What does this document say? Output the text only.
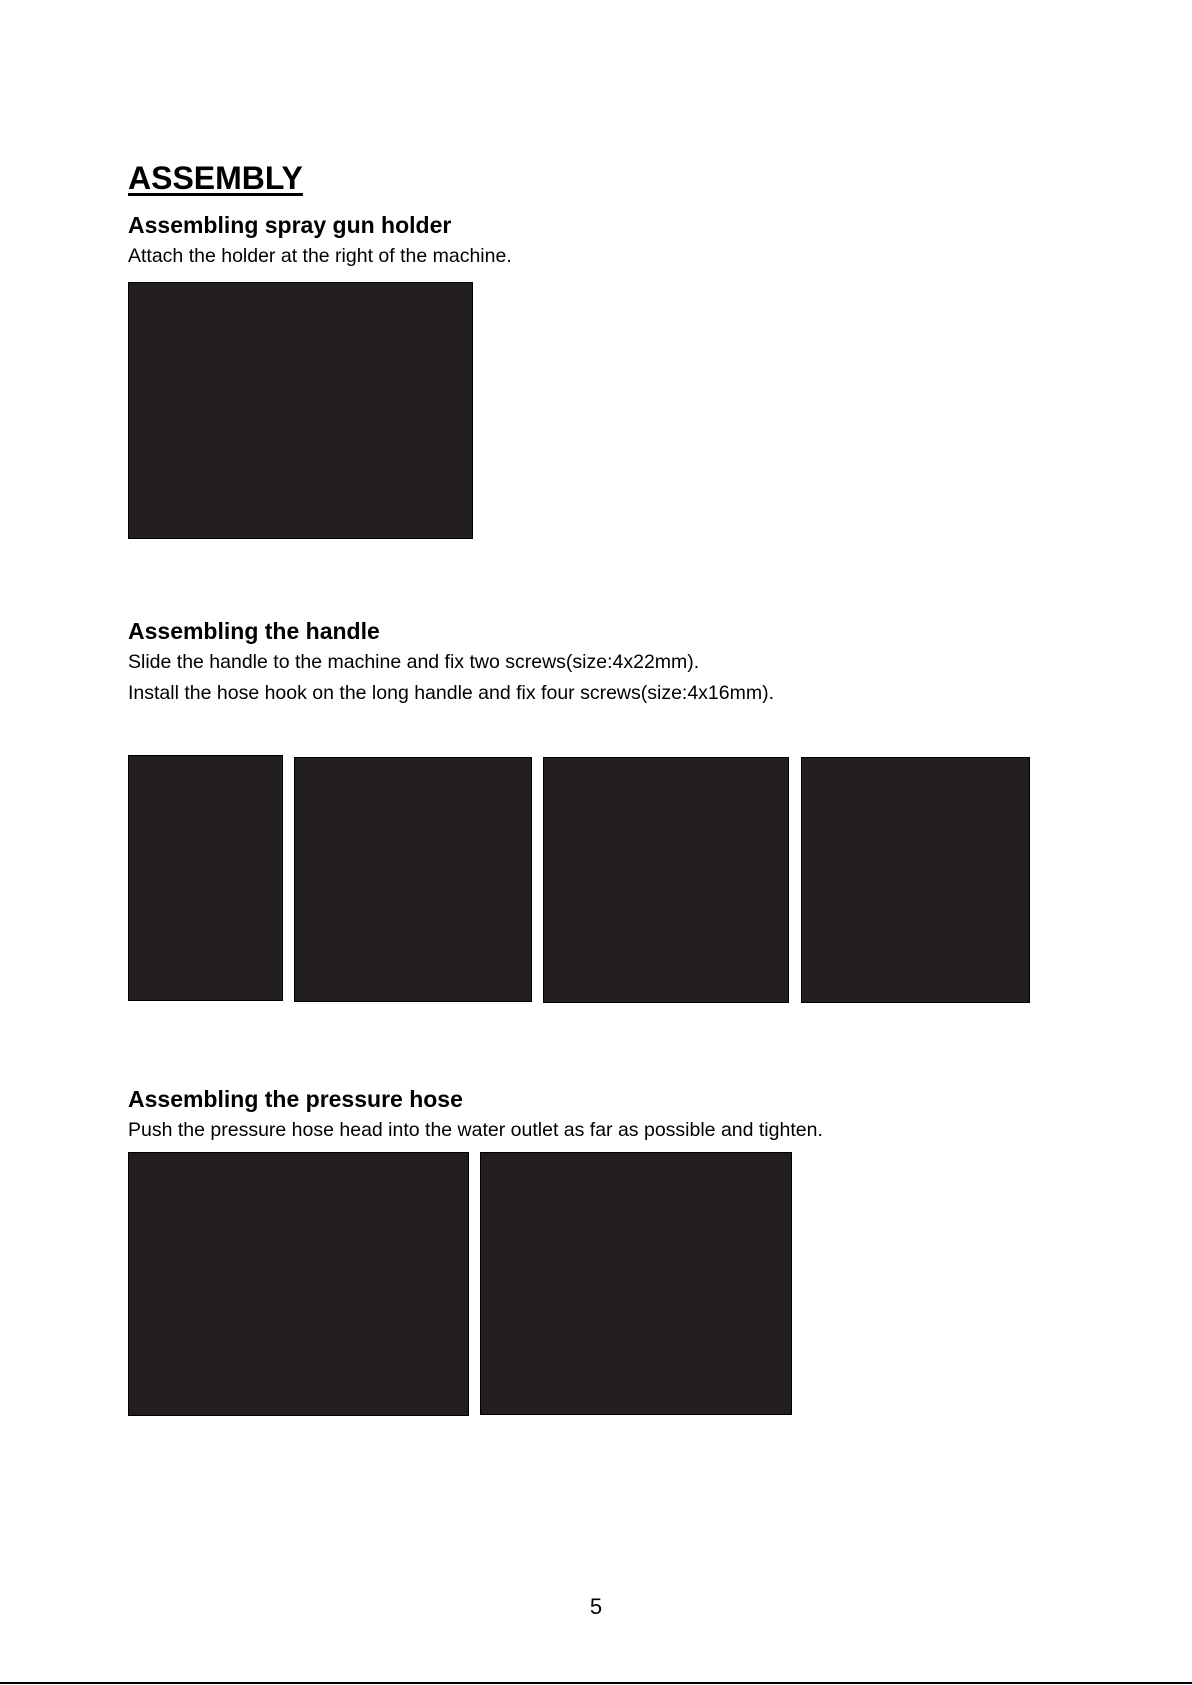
ASSEMBLY
Assembling spray gun holder

Attach the holder at the right of the machine.

Assembling the handle

Slide the handle to the machine and fix two screws(size:4x22mm).

Install the hose hook on the long handle and fix four screws(size:4x16mm).

Assembling the pressure hose

Push the pressure hose head into the water outlet as far as possible and tighten.

5
